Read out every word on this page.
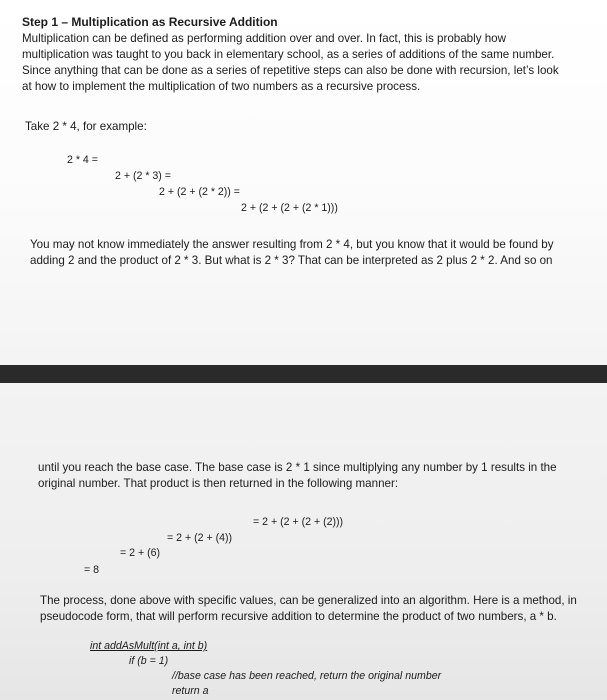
Step 1 – Multiplication as Recursive Addition
Multiplication can be defined as performing addition over and over. In fact, this is probably how
multiplication was taught to you back in elementary school, as a series of additions of the same number.
Since anything that can be done as a series of repetitive steps can also be done with recursion, let’s look
at how to implement the multiplication of two numbers as a recursive process.
Take 2 * 4, for example:
2 * 4 =
2 + (2 * 3) =
2 + (2 + (2 * 2)) =
2 + (2 + (2 + (2 * 1)))
You may not know immediately the answer resulting from 2 * 4, but you know that it would be found by
adding 2 and the product of 2 * 3. But what is 2 * 3? That can be interpreted as 2 plus 2 * 2. And so on
until you reach the base case. The base case is 2 * 1 since multiplying any number by 1 results in the
original number. That product is then returned in the following manner:
= 2 + (2 + (2 + (2)))
= 2 + (2 + (4))
= 2 + (6)
= 8
The process, done above with specific values, can be generalized into an algorithm. Here is a method, in
pseudocode form, that will perform recursive addition to determine the product of two numbers, a * b.
int addAsMult(int a, int b)
if (b = 1)
//base case has been reached, return the original number
return a
